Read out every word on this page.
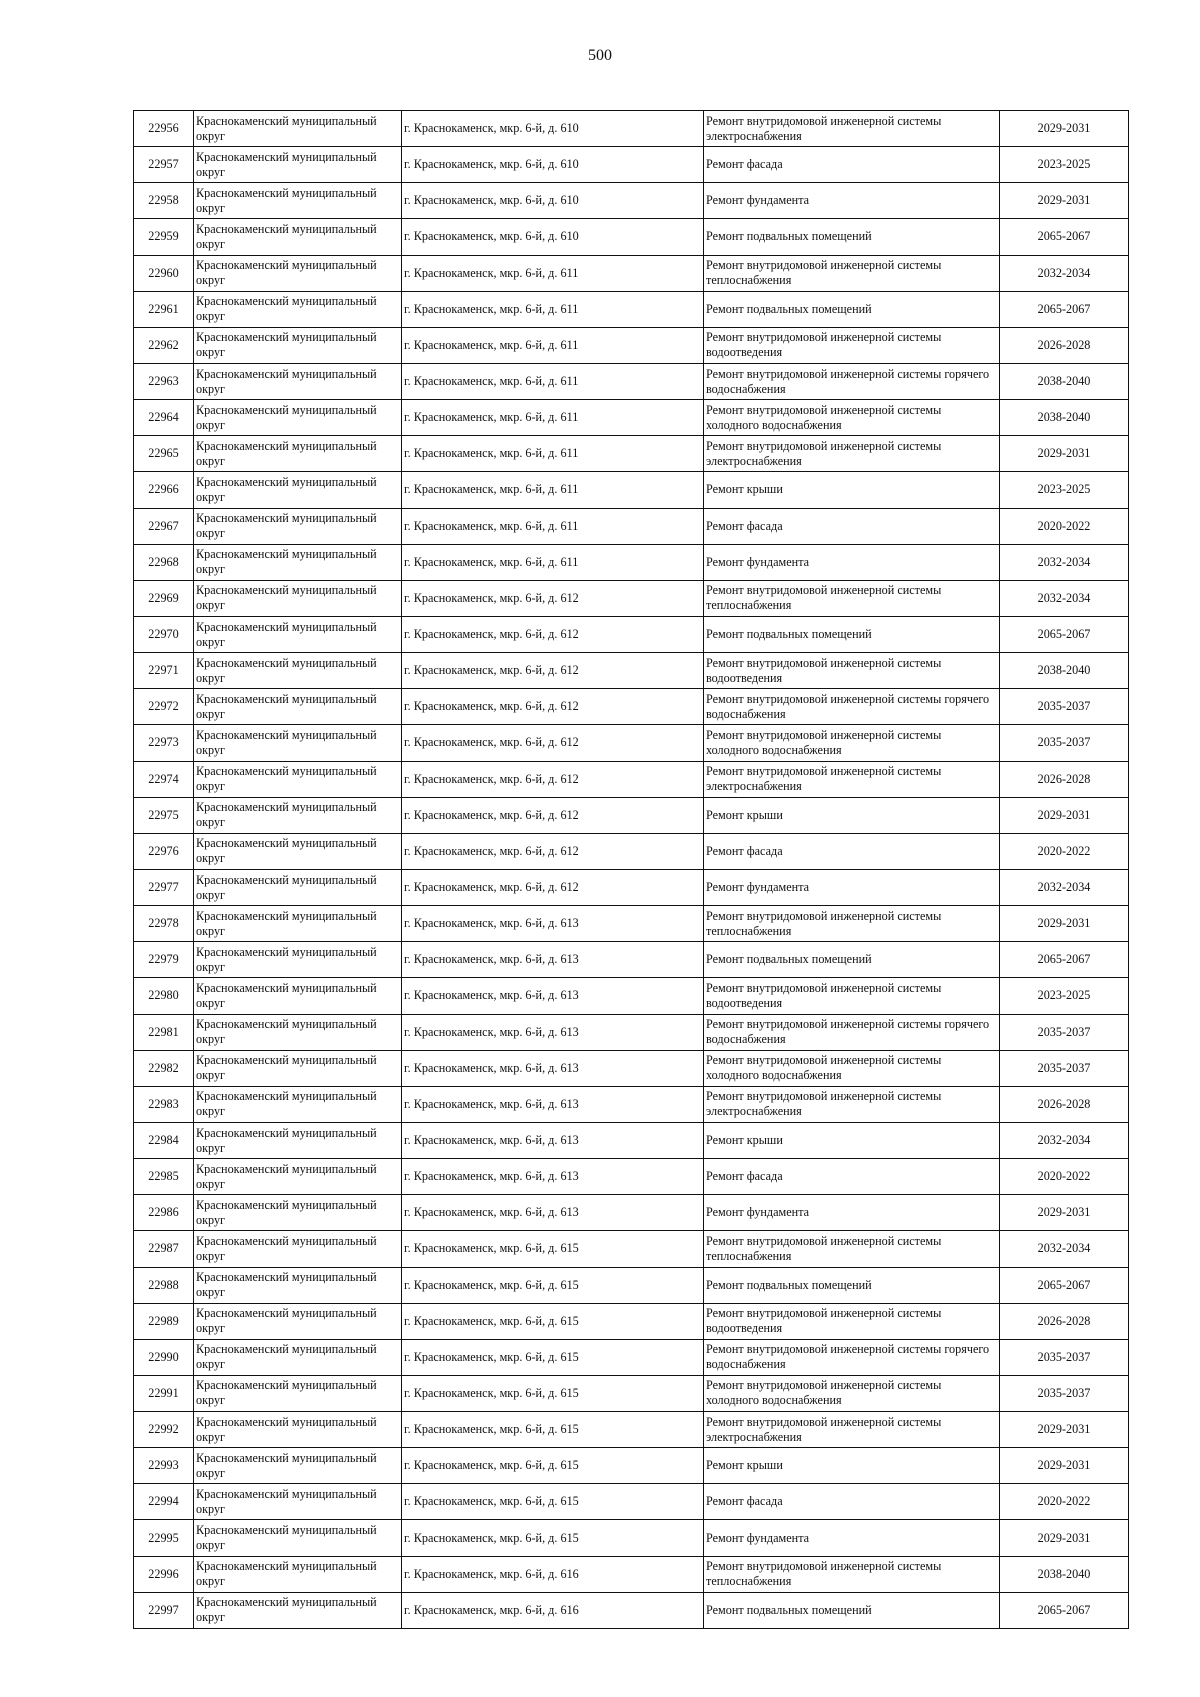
500
22956	Краснокаменский муниципальный округ	г. Краснокаменск, мкр. 6-й, д. 610	Ремонт внутридомовой инженерной системы электроснабжения	2029-2031
22957	Краснокаменский муниципальный округ	г. Краснокаменск, мкр. 6-й, д. 610	Ремонт фасада	2023-2025
22958	Краснокаменский муниципальный округ	г. Краснокаменск, мкр. 6-й, д. 610	Ремонт фундамента	2029-2031
22959	Краснокаменский муниципальный округ	г. Краснокаменск, мкр. 6-й, д. 610	Ремонт подвальных помещений	2065-2067
22960	Краснокаменский муниципальный округ	г. Краснокаменск, мкр. 6-й, д. 611	Ремонт внутридомовой инженерной системы теплоснабжения	2032-2034
22961	Краснокаменский муниципальный округ	г. Краснокаменск, мкр. 6-й, д. 611	Ремонт подвальных помещений	2065-2067
22962	Краснокаменский муниципальный округ	г. Краснокаменск, мкр. 6-й, д. 611	Ремонт внутридомовой инженерной системы водоотведения	2026-2028
22963	Краснокаменский муниципальный округ	г. Краснокаменск, мкр. 6-й, д. 611	Ремонт внутридомовой инженерной системы горячего водоснабжения	2038-2040
22964	Краснокаменский муниципальный округ	г. Краснокаменск, мкр. 6-й, д. 611	Ремонт внутридомовой инженерной системы холодного водоснабжения	2038-2040
22965	Краснокаменский муниципальный округ	г. Краснокаменск, мкр. 6-й, д. 611	Ремонт внутридомовой инженерной системы электроснабжения	2029-2031
22966	Краснокаменский муниципальный округ	г. Краснокаменск, мкр. 6-й, д. 611	Ремонт крыши	2023-2025
22967	Краснокаменский муниципальный округ	г. Краснокаменск, мкр. 6-й, д. 611	Ремонт фасада	2020-2022
22968	Краснокаменский муниципальный округ	г. Краснокаменск, мкр. 6-й, д. 611	Ремонт фундамента	2032-2034
22969	Краснокаменский муниципальный округ	г. Краснокаменск, мкр. 6-й, д. 612	Ремонт внутридомовой инженерной системы теплоснабжения	2032-2034
22970	Краснокаменский муниципальный округ	г. Краснокаменск, мкр. 6-й, д. 612	Ремонт подвальных помещений	2065-2067
22971	Краснокаменский муниципальный округ	г. Краснокаменск, мкр. 6-й, д. 612	Ремонт внутридомовой инженерной системы водоотведения	2038-2040
22972	Краснокаменский муниципальный округ	г. Краснокаменск, мкр. 6-й, д. 612	Ремонт внутридомовой инженерной системы горячего водоснабжения	2035-2037
22973	Краснокаменский муниципальный округ	г. Краснокаменск, мкр. 6-й, д. 612	Ремонт внутридомовой инженерной системы холодного водоснабжения	2035-2037
22974	Краснокаменский муниципальный округ	г. Краснокаменск, мкр. 6-й, д. 612	Ремонт внутридомовой инженерной системы электроснабжения	2026-2028
22975	Краснокаменский муниципальный округ	г. Краснокаменск, мкр. 6-й, д. 612	Ремонт крыши	2029-2031
22976	Краснокаменский муниципальный округ	г. Краснокаменск, мкр. 6-й, д. 612	Ремонт фасада	2020-2022
22977	Краснокаменский муниципальный округ	г. Краснокаменск, мкр. 6-й, д. 612	Ремонт фундамента	2032-2034
22978	Краснокаменский муниципальный округ	г. Краснокаменск, мкр. 6-й, д. 613	Ремонт внутридомовой инженерной системы теплоснабжения	2029-2031
22979	Краснокаменский муниципальный округ	г. Краснокаменск, мкр. 6-й, д. 613	Ремонт подвальных помещений	2065-2067
22980	Краснокаменский муниципальный округ	г. Краснокаменск, мкр. 6-й, д. 613	Ремонт внутридомовой инженерной системы водоотведения	2023-2025
22981	Краснокаменский муниципальный округ	г. Краснокаменск, мкр. 6-й, д. 613	Ремонт внутридомовой инженерной системы горячего водоснабжения	2035-2037
22982	Краснокаменский муниципальный округ	г. Краснокаменск, мкр. 6-й, д. 613	Ремонт внутридомовой инженерной системы холодного водоснабжения	2035-2037
22983	Краснокаменский муниципальный округ	г. Краснокаменск, мкр. 6-й, д. 613	Ремонт внутридомовой инженерной системы электроснабжения	2026-2028
22984	Краснокаменский муниципальный округ	г. Краснокаменск, мкр. 6-й, д. 613	Ремонт крыши	2032-2034
22985	Краснокаменский муниципальный округ	г. Краснокаменск, мкр. 6-й, д. 613	Ремонт фасада	2020-2022
22986	Краснокаменский муниципальный округ	г. Краснокаменск, мкр. 6-й, д. 613	Ремонт фундамента	2029-2031
22987	Краснокаменский муниципальный округ	г. Краснокаменск, мкр. 6-й, д. 615	Ремонт внутридомовой инженерной системы теплоснабжения	2032-2034
22988	Краснокаменский муниципальный округ	г. Краснокаменск, мкр. 6-й, д. 615	Ремонт подвальных помещений	2065-2067
22989	Краснокаменский муниципальный округ	г. Краснокаменск, мкр. 6-й, д. 615	Ремонт внутридомовой инженерной системы водоотведения	2026-2028
22990	Краснокаменский муниципальный округ	г. Краснокаменск, мкр. 6-й, д. 615	Ремонт внутридомовой инженерной системы горячего водоснабжения	2035-2037
22991	Краснокаменский муниципальный округ	г. Краснокаменск, мкр. 6-й, д. 615	Ремонт внутридомовой инженерной системы холодного водоснабжения	2035-2037
22992	Краснокаменский муниципальный округ	г. Краснокаменск, мкр. 6-й, д. 615	Ремонт внутридомовой инженерной системы электроснабжения	2029-2031
22993	Краснокаменский муниципальный округ	г. Краснокаменск, мкр. 6-й, д. 615	Ремонт крыши	2029-2031
22994	Краснокаменский муниципальный округ	г. Краснокаменск, мкр. 6-й, д. 615	Ремонт фасада	2020-2022
22995	Краснокаменский муниципальный округ	г. Краснокаменск, мкр. 6-й, д. 615	Ремонт фундамента	2029-2031
22996	Краснокаменский муниципальный округ	г. Краснокаменск, мкр. 6-й, д. 616	Ремонт внутридомовой инженерной системы теплоснабжения	2038-2040
22997	Краснокаменский муниципальный округ	г. Краснокаменск, мкр. 6-й, д. 616	Ремонт подвальных помещений	2065-2067
